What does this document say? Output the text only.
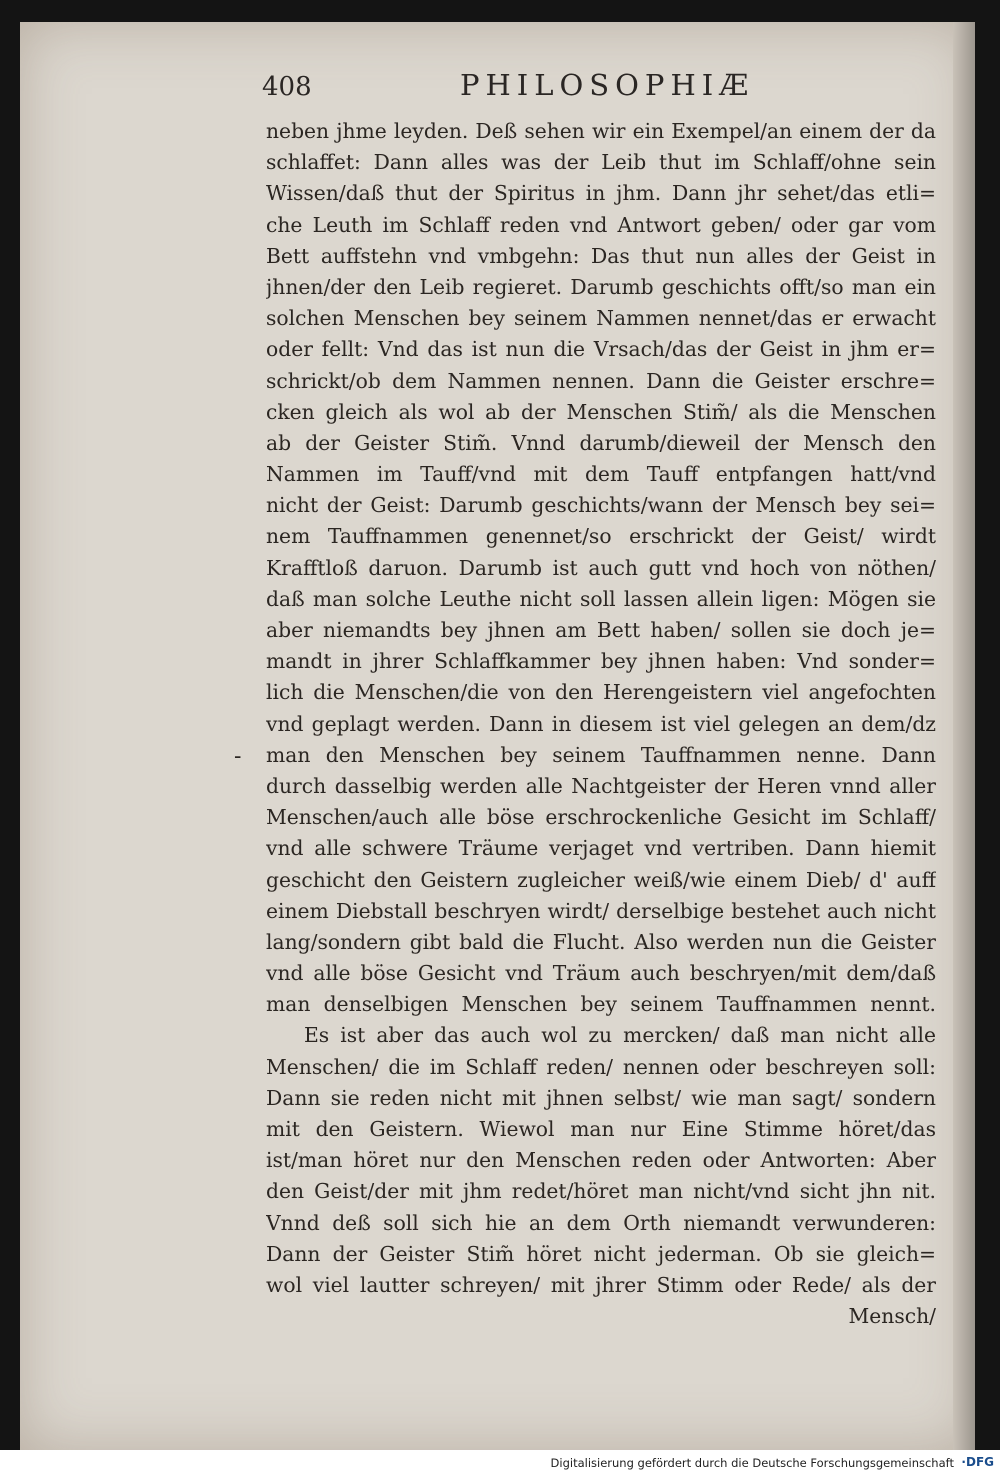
408	PHILOSOPHIÆ
-
neben jhme leyden. Deß sehen wir ein Exempel/an einem der da
schlaffet: Dann alles was der Leib thut im Schlaff/ohne sein
Wissen/daß thut der Spiritus in jhm. Dann jhr sehet/das etli=
che Leuth im Schlaff reden vnd Antwort geben/ oder gar vom
Bett auffstehn vnd vmbgehn: Das thut nun alles der Geist in
jhnen/der den Leib regieret. Darumb geschichts offt/so man ein
solchen Menschen bey seinem Nammen nennet/das er erwacht
oder fellt: Vnd das ist nun die Vrsach/das der Geist in jhm er=
schrickt/ob dem Nammen nennen. Dann die Geister erschre=
cken gleich als wol ab der Menschen Stim̃/ als die Menschen
ab der Geister Stim̃. Vnnd darumb/dieweil der Mensch den
Nammen im Tauff/vnd mit dem Tauff entpfangen hatt/vnd
nicht der Geist: Darumb geschichts/wann der Mensch bey sei=
nem Tauffnammen genennet/so erschrickt der Geist/ wirdt
Krafftloß daruon. Darumb ist auch gutt vnd hoch von nöthen/
daß man solche Leuthe nicht soll lassen allein ligen: Mögen sie
aber niemandts bey jhnen am Bett haben/ sollen sie doch je=
mandt in jhrer Schlaffkammer bey jhnen haben: Vnd sonder=
lich die Menschen/die von den Herengeistern viel angefochten
vnd geplagt werden. Dann in diesem ist viel gelegen an dem/dz
man den Menschen bey seinem Tauffnammen nenne. Dann
durch dasselbig werden alle Nachtgeister der Heren vnnd aller
Menschen/auch alle böse erschrockenliche Gesicht im Schlaff/
vnd alle schwere Träume verjaget vnd vertriben. Dann hiemit
geschicht den Geistern zugleicher weiß/wie einem Dieb/ d' auff
einem Diebstall beschryen wirdt/ derselbige bestehet auch nicht
lang/sondern gibt bald die Flucht. Also werden nun die Geister
vnd alle böse Gesicht vnd Träum auch beschryen/mit dem/daß
man denselbigen Menschen bey seinem Tauffnammen nennt.
Es ist aber das auch wol zu mercken/ daß man nicht alle
Menschen/ die im Schlaff reden/ nennen oder beschreyen soll:
Dann sie reden nicht mit jhnen selbst/ wie man sagt/ sondern
mit den Geistern. Wiewol man nur Eine Stimme höret/das
ist/man höret nur den Menschen reden oder Antworten: Aber
den Geist/der mit jhm redet/höret man nicht/vnd sicht jhn nit.
Vnnd deß soll sich hie an dem Orth niemandt verwunderen:
Dann der Geister Stim̃ höret nicht jederman. Ob sie gleich=
wol viel lautter schreyen/ mit jhrer Stimm oder Rede/ als der
Mensch/
Digitalisierung gefördert durch die Deutsche Forschungsgemeinschaft ·DFG
